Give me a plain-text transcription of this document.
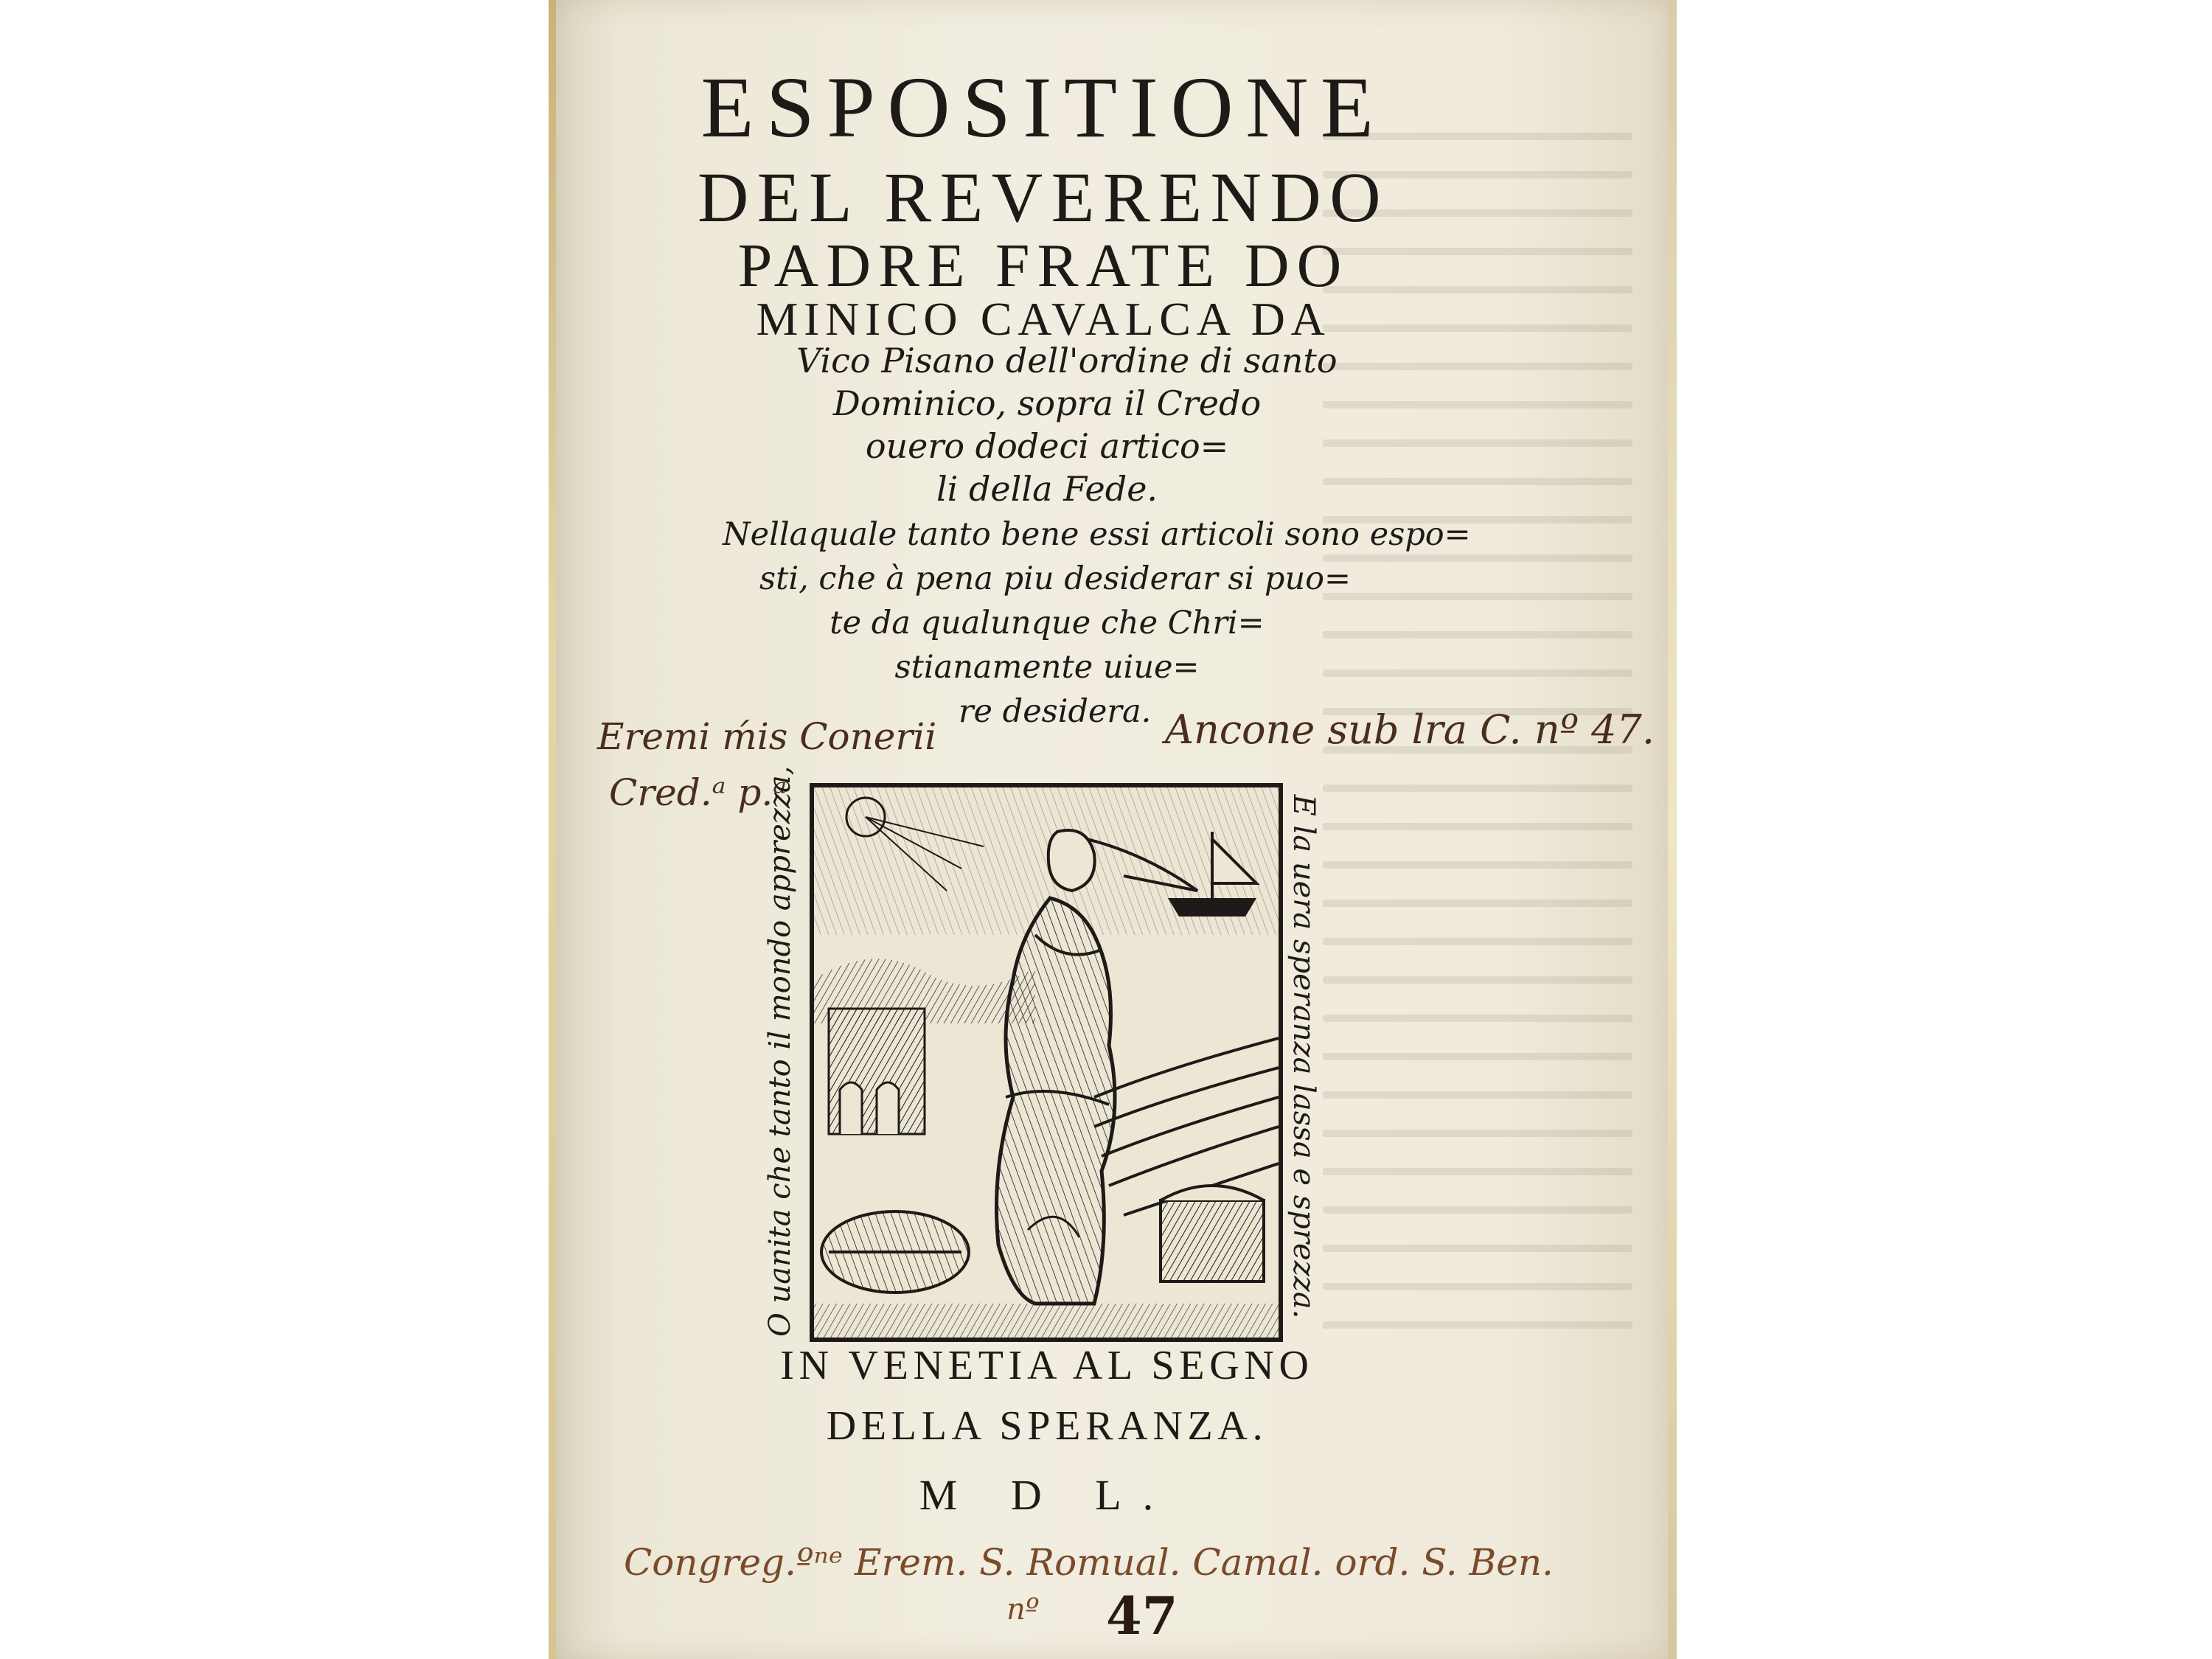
ESPOSITIONE
DEL REVERENDO
PADRE FRATE DO
MINICO CAVALCA DA
Vico Pisano dell'ordine di santo
Dominico, sopra il Credo
ouero dodeci artico=
li della Fede.
Nellaquale tanto bene essi articoli sono espo=
sti, che à pena piu desiderar si puo=
te da qualunque che Chri=
stianamente uiue=
re desidera.
Eremi ḿis Conerii
Cred.ᵃ p.ᵃ
Ancone sub lra C. nº 47.
O uanita che tanto il mondo apprezza,	E la uera speranza lassa e sprezza.
IN VENETIA AL SEGNO
DELLA SPERANZA.
M D L.
Congreg.ºⁿᵉ Erem. S. Romual. Camal. ord. S. Ben.
nº 47
